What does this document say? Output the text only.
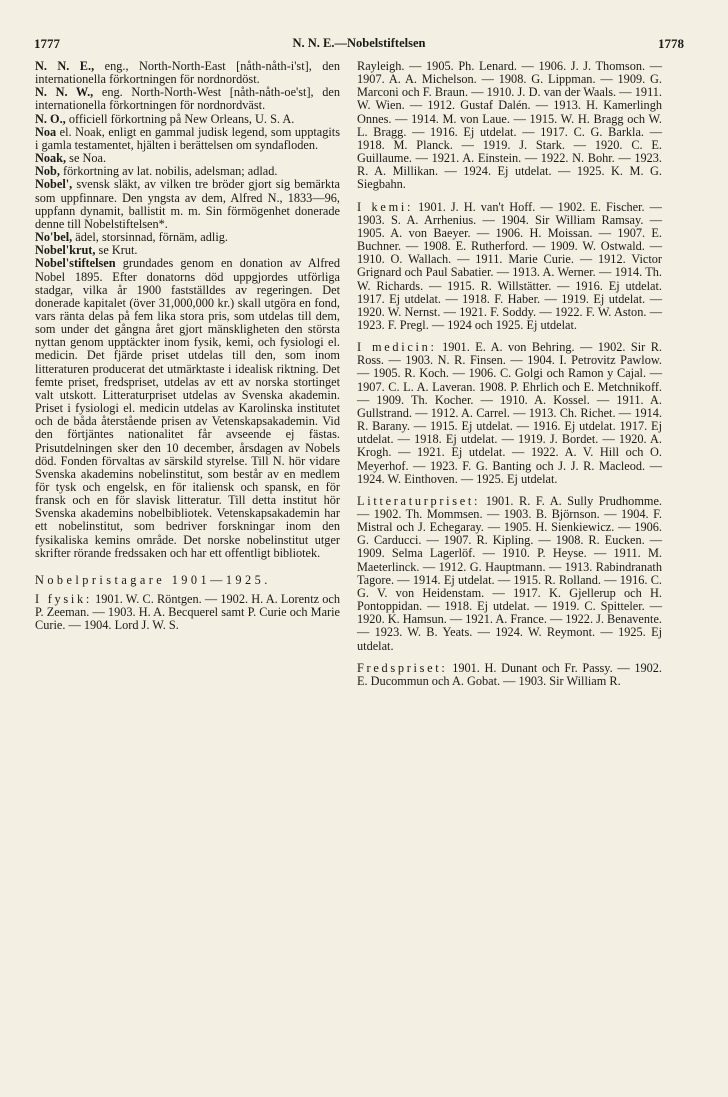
1777	N. N. E.—Nobelstiftelsen	1778

N. N. E., eng., North-North-East [nåth-nåth-i'st], den internationella förkortningen för nordnordöst.

N. N. W., eng. North-North-West [nåth-nåth-oe'st], den internationella förkortningen för nordnordväst.

N. O., officiell förkortning på New Orleans, U. S. A.

Noa el. Noak, enligt en gammal judisk legend, som upptagits i gamla testamentet, hjälten i berättelsen om syndafloden.

Noak, se Noa.

Nob, förkortning av lat. nobilis, adelsman; adlad.

Nobel', svensk släkt, av vilken tre bröder gjort sig bemärkta som uppfinnare. Den yngsta av dem, Alfred N., 1833—96, uppfann dynamit, ballistit m. m. Sin förmögenhet donerade denne till Nobelstiftelsen*.

No'bel, ädel, storsinnad, förnäm, adlig.

Nobel'krut, se Krut.

Nobel'stiftelsen grundades genom en donation av Alfred Nobel 1895. Efter donatorns död uppgjordes utförliga stadgar, vilka år 1900 fastställdes av regeringen. Det donerade kapitalet (över 31,000,000 kr.) skall utgöra en fond, vars ränta delas på fem lika stora pris, som utdelas till dem, som under det gångna året gjort mänskligheten den största nyttan genom upptäckter inom fysik, kemi, och fysiologi el. medicin. Det fjärde priset utdelas till den, som inom litteraturen producerat det utmärktaste i idealisk riktning. Det femte priset, fredspriset, utdelas av ett av norska stortinget valt utskott. Litteraturpriset utdelas av Svenska akademin. Priset i fysiologi el. medicin utdelas av Karolinska institutet och de båda återstående prisen av Vetenskapsakademin. Vid den förtjäntes nationalitet får avseende ej fästas. Prisutdelningen sker den 10 december, årsdagen av Nobels död. Fonden förvaltas av särskild styrelse. Till N. hör vidare Svenska akademins nobelinstitut, som består av en medlem för tysk och engelsk, en för italiensk och spansk, en för fransk och en för slavisk litteratur. Till detta institut hör Svenska akademins nobelbibliotek. Vetenskapsakademin har ett nobelinstitut, som bedriver forskningar inom den fysikaliska kemins område. Det norske nobelinstitut utger skrifter rörande fredssaken och har ett offentligt bibliotek.

Nobelpristagare 1901—1925.

I fysik: 1901. W. C. Röntgen. — 1902. H. A. Lorentz och P. Zeeman. — 1903. H. A. Becquerel samt P. Curie och Marie Curie. — 1904. Lord J. W. S.

Rayleigh. — 1905. Ph. Lenard. — 1906. J. J. Thomson. — 1907. A. A. Michelson. — 1908. G. Lippman. — 1909. G. Marconi och F. Braun. — 1910. J. D. van der Waals. — 1911. W. Wien. — 1912. Gustaf Dalén. — 1913. H. Kamerlingh Onnes. — 1914. M. von Laue. — 1915. W. H. Bragg och W. L. Bragg. — 1916. Ej utdelat. — 1917. C. G. Barkla. — 1918. M. Planck. — 1919. J. Stark. — 1920. C. E. Guillaume. — 1921. A. Einstein. — 1922. N. Bohr. — 1923. R. A. Millikan. — 1924. Ej utdelat. — 1925. K. M. G. Siegbahn.

I kemi: 1901. J. H. van't Hoff. — 1902. E. Fischer. — 1903. S. A. Arrhenius. — 1904. Sir William Ramsay. — 1905. A. von Baeyer. — 1906. H. Moissan. — 1907. E. Buchner. — 1908. E. Rutherford. — 1909. W. Ostwald. — 1910. O. Wallach. — 1911. Marie Curie. — 1912. Victor Grignard och Paul Sabatier. — 1913. A. Werner. — 1914. Th. W. Richards. — 1915. R. Willstätter. — 1916. Ej utdelat. 1917. Ej utdelat. — 1918. F. Haber. — 1919. Ej utdelat. — 1920. W. Nernst. — 1921. F. Soddy. — 1922. F. W. Aston. — 1923. F. Pregl. — 1924 och 1925. Ej utdelat.

I medicin: 1901. E. A. von Behring. — 1902. Sir R. Ross. — 1903. N. R. Finsen. — 1904. I. Petrovitz Pawlow. — 1905. R. Koch. — 1906. C. Golgi och Ramon y Cajal. — 1907. C. L. A. Laveran. 1908. P. Ehrlich och E. Metchnikoff. — 1909. Th. Kocher. — 1910. A. Kossel. — 1911. A. Gullstrand. — 1912. A. Carrel. — 1913. Ch. Richet. — 1914. R. Barany. — 1915. Ej utdelat. — 1916. Ej utdelat. 1917. Ej utdelat. — 1918. Ej utdelat. — 1919. J. Bordet. — 1920. A. Krogh. — 1921. Ej utdelat. — 1922. A. V. Hill och O. Meyerhof. — 1923. F. G. Banting och J. J. R. Macleod. — 1924. W. Einthoven. — 1925. Ej utdelat.

Litteraturpriset: 1901. R. F. A. Sully Prudhomme. — 1902. Th. Mommsen. — 1903. B. Björnson. — 1904. F. Mistral och J. Echegaray. — 1905. H. Sienkiewicz. — 1906. G. Carducci. — 1907. R. Kipling. — 1908. R. Eucken. — 1909. Selma Lagerlöf. — 1910. P. Heyse. — 1911. M. Maeterlinck. — 1912. G. Hauptmann. — 1913. Rabindranath Tagore. — 1914. Ej utdelat. — 1915. R. Rolland. — 1916. C. G. V. von Heidenstam. — 1917. K. Gjellerup och H. Pontoppidan. — 1918. Ej utdelat. — 1919. C. Spitteler. — 1920. K. Hamsun. — 1921. A. France. — 1922. J. Benavente. — 1923. W. B. Yeats. — 1924. W. Reymont. — 1925. Ej utdelat.

Fredspriset: 1901. H. Dunant och Fr. Passy. — 1902. E. Ducommun och A. Gobat. — 1903. Sir William R.
